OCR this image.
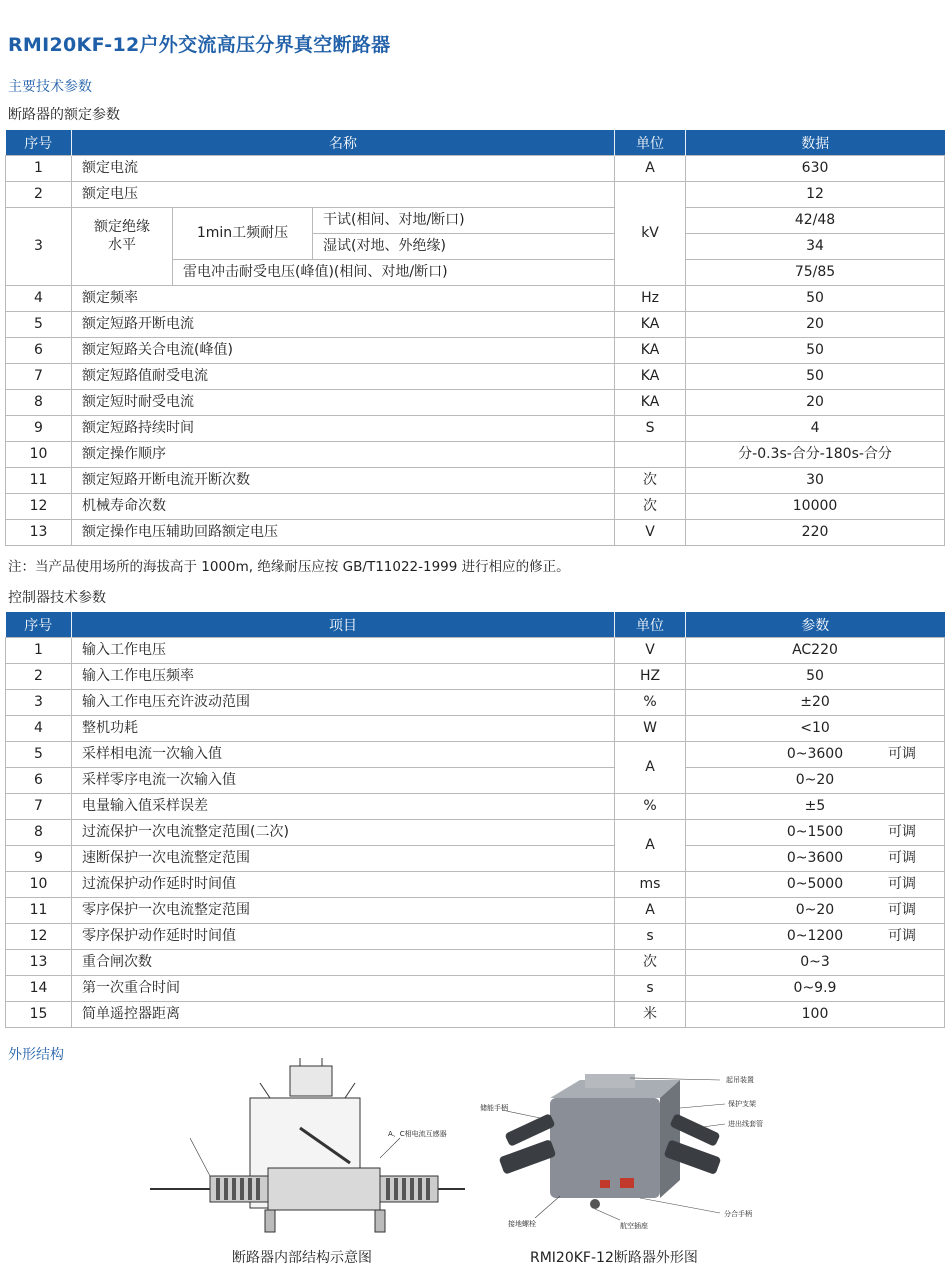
RMI20KF-12户外交流高压分界真空断路器
主要技术参数
断路器的额定参数
序号	名称			单位	数据
1	额定电流			A	630
2	额定电压			kV	12
3	额定绝缘水平	1min工频耐压	干试(相间、对地/断口)		42/48
			湿试(对地、外绝缘)		34
		雷电冲击耐受电压(峰值)(相间、对地/断口)			75/85
4	额定频率			Hz	50
5	额定短路开断电流			KA	20
6	额定短路关合电流(峰值)			KA	50
7	额定短路值耐受电流			KA	50
8	额定短时耐受电流			KA	20
9	额定短路持续时间			S	4
10	额定操作顺序				分-0.3s-合分-180s-合分
11	额定短路开断电流开断次数			次	30
12	机械寿命次数			次	10000
13	额定操作电压辅助回路额定电压			V	220
注：当产品使用场所的海拔高于 1000m, 绝缘耐压应按 GB/T11022-1999 进行相应的修正。
控制器技术参数
序号	项目	单位	参数
1	输入工作电压	V	AC220
2	输入工作电压频率	HZ	50
3	输入工作电压充许波动范围	%	±20
4	整机功耗	W	<10
5	采样相电流一次输入值	A	0~3600 可调

6	采样零序电流一次输入值		0~20
7	电量输入值采样误差	%	±5
8	过流保护一次电流整定范围(二次)	A	0~1500 可调

9	速断保护一次电流整定范围		0~3600 可调

10	过流保护动作延时时间值	ms	0~5000 可调

11	零序保护一次电流整定范围	A	0~20 可调

12	零序保护动作延时时间值	s	0~1200 可调

13	重合闸次数	次	0~3
14	第一次重合时间	s	0~9.9
15	简单遥控器距离	米	100
外形结构
A、C相电流互感器
断路器内部结构示意图
起吊装置
储能手柄	保护支架
进出线套管
接地螺栓	航空插座
分合手柄
RMI20KF-12断路器外形图
